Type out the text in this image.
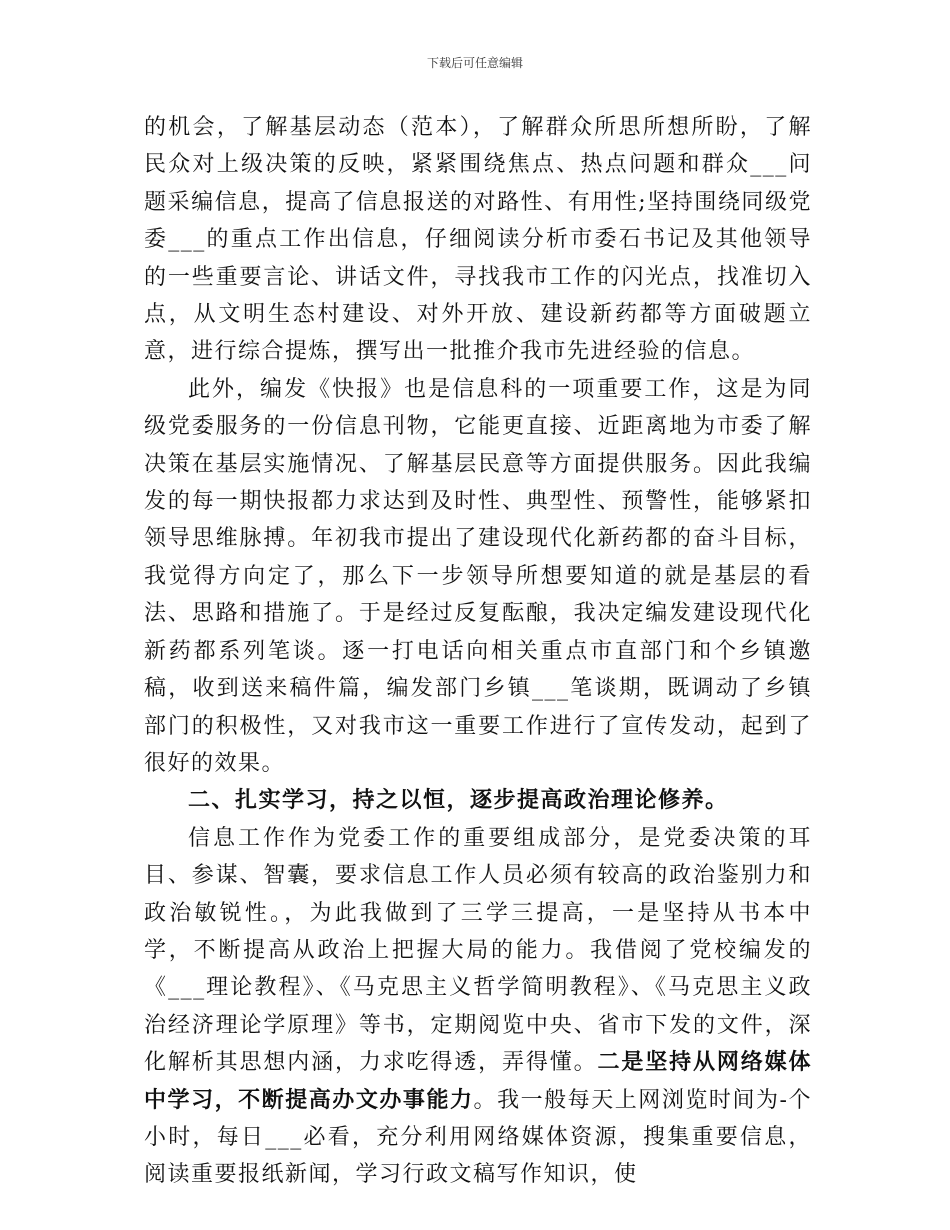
下载后可任意编辑

的机会，了解基层动态（范本），了解群众所思所想所盼，了解民众对上级决策的反映，紧紧围绕焦点、热点问题和群众___问题采编信息，提高了信息报送的对路性、有用性;坚持围绕同级党委___的重点工作出信息，仔细阅读分析市委石书记及其他领导的一些重要言论、讲话文件，寻找我市工作的闪光点，找准切入点，从文明生态村建设、对外开放、建设新药都等方面破题立意，进行综合提炼，撰写出一批推介我市先进经验的信息。

此外，编发《快报》也是信息科的一项重要工作，这是为同级党委服务的一份信息刊物，它能更直接、近距离地为市委了解决策在基层实施情况、了解基层民意等方面提供服务。因此我编发的每一期快报都力求达到及时性、典型性、预警性，能够紧扣领导思维脉搏。年初我市提出了建设现代化新药都的奋斗目标，我觉得方向定了，那么下一步领导所想要知道的就是基层的看法、思路和措施了。于是经过反复酝酿，我决定编发建设现代化新药都系列笔谈。逐一打电话向相关重点市直部门和个乡镇邀稿，收到送来稿件篇，编发部门乡镇___笔谈期，既调动了乡镇部门的积极性，又对我市这一重要工作进行了宣传发动，起到了很好的效果。

二、扎实学习，持之以恒，逐步提高政治理论修养。

信息工作作为党委工作的重要组成部分，是党委决策的耳目、参谋、智囊，要求信息工作人员必须有较高的政治鉴别力和政治敏锐性。，为此我做到了三学三提高，一是坚持从书本中学，不断提高从政治上把握大局的能力。我借阅了党校编发的《___理论教程》、《马克思主义哲学简明教程》、《马克思主义政治经济理论学原理》等书，定期阅览中央、省市下发的文件，深化解析其思想内涵，力求吃得透，弄得懂。二是坚持从网络媒体中学习，不断提高办文办事能力。我一般每天上网浏览时间为-个小时，每日___必看，充分利用网络媒体资源，搜集重要信息，阅读重要报纸新闻，学习行政文稿写作知识，使
